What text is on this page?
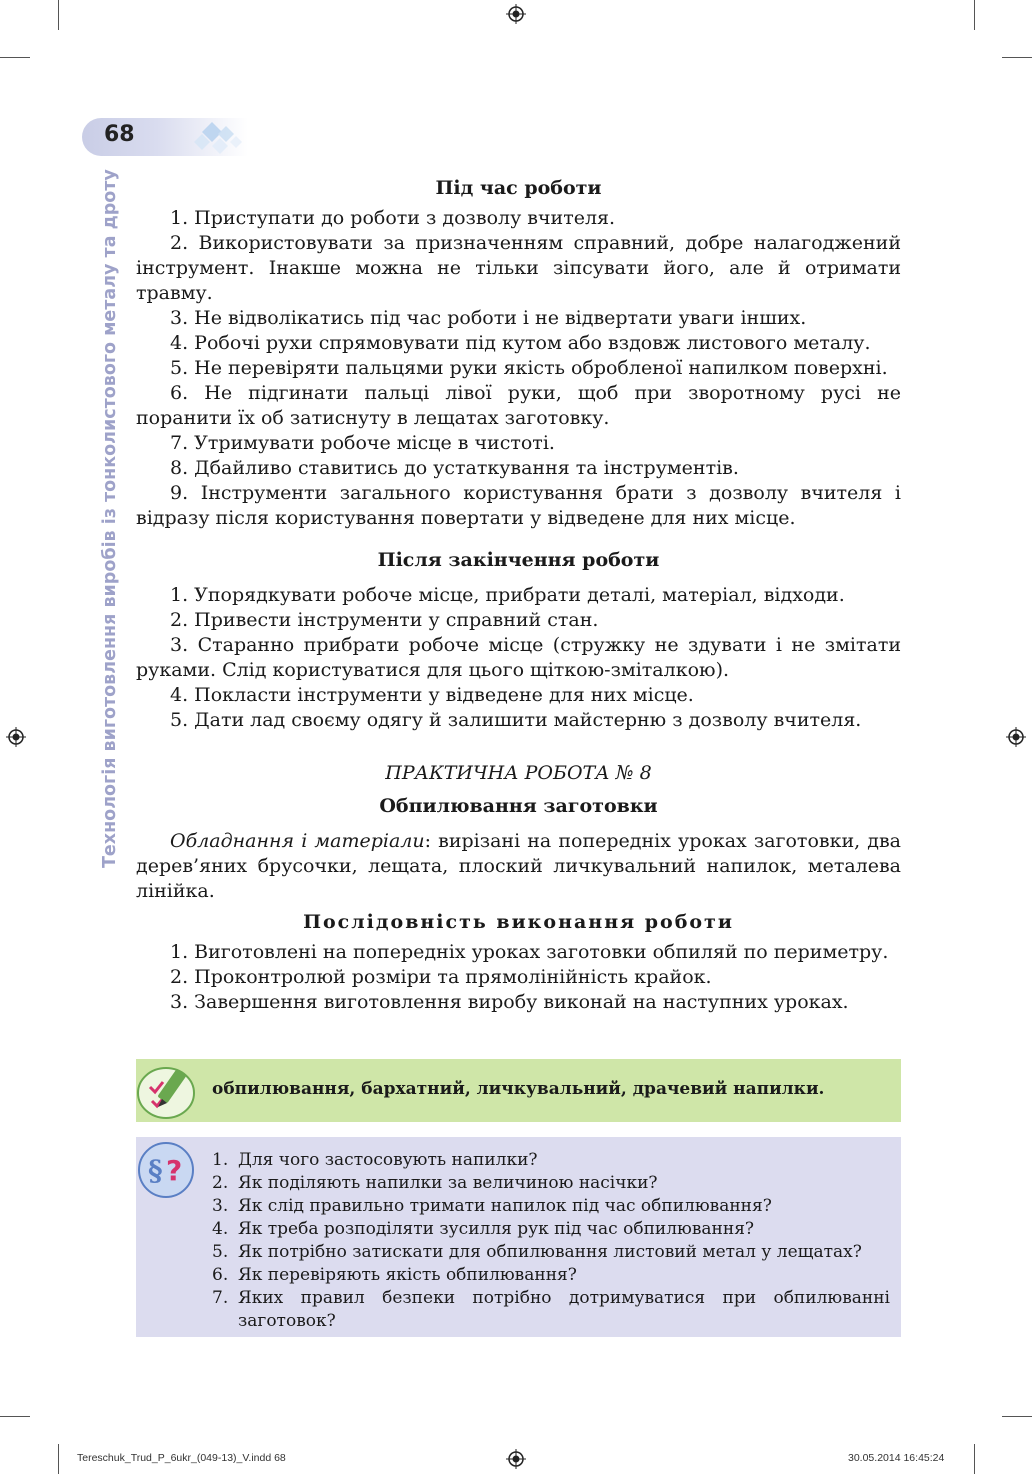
68
Технологія виготовлення виробів із тонколистового металу та дроту	Під час роботи

1. Приступати до роботи з дозволу вчителя.

2. Використовувати за призначенням справний, добре налагоджений інструмент. Інакше можна не тільки зіпсувати його, але й отримати травму.

3. Не відволікатись під час роботи і не відвертати уваги інших.

4. Робочі рухи спрямовувати під кутом або вздовж листового металу.

5. Не перевіряти пальцями руки якість обробленої напилком поверхні.

6. Не підгинати пальці лівої руки, щоб при зворотному русі не поранити їх об затиснуту в лещатах заготовку.

7. Утримувати робоче місце в чистоті.

8. Дбайливо ставитись до устаткування та інструментів.

9. Інструменти загального користування брати з дозволу вчителя і відразу після користування повертати у відведене для них місце.

Після закінчення роботи

1. Упорядкувати робоче місце, прибрати деталі, матеріал, відходи.

2. Привести інструменти у справний стан.

3. Старанно прибрати робоче місце (стружку не здувати і не змітати руками. Слід користуватися для цього щіткою-зміталкою).

4. Покласти інструменти у відведене для них місце.

5. Дати лад своєму одягу й залишити майстерню з дозволу вчителя.

ПРАКТИЧНА РОБОТА № 8

Обпилювання заготовки

Обладнання і матеріали: вирізані на попередніх уроках заготовки, два дерев’яних брусочки, лещата, плоский личкувальний напилок, металева лінійка.

Послідовність виконання роботи

1. Виготовлені на попередніх уроках заготовки обпиляй по периметру.

2. Проконтролюй розміри та прямолінійність крайок.

3. Завершення виготовлення виробу виконай на наступних уроках.

обпилювання, бархатний, личкувальний, драчевий напилки.
§ ? 1. Для чого застосовують напилки?

2. Як поділяють напилки за величиною насічки?

3. Як слід правильно тримати напилок під час обпилювання?

4. Як треба розподіляти зусилля рук під час обпилювання?

5. Як потрібно затискати для обпилювання листовий метал у лещатах?

6. Як перевіряють якість обпилювання?

7. Яких правил безпеки потрібно дотримуватися при обпилюванні заготовок?

Tereschuk_Trud_P_6ukr_(049-13)_V.indd 68	30.05.2014 16:45:24
